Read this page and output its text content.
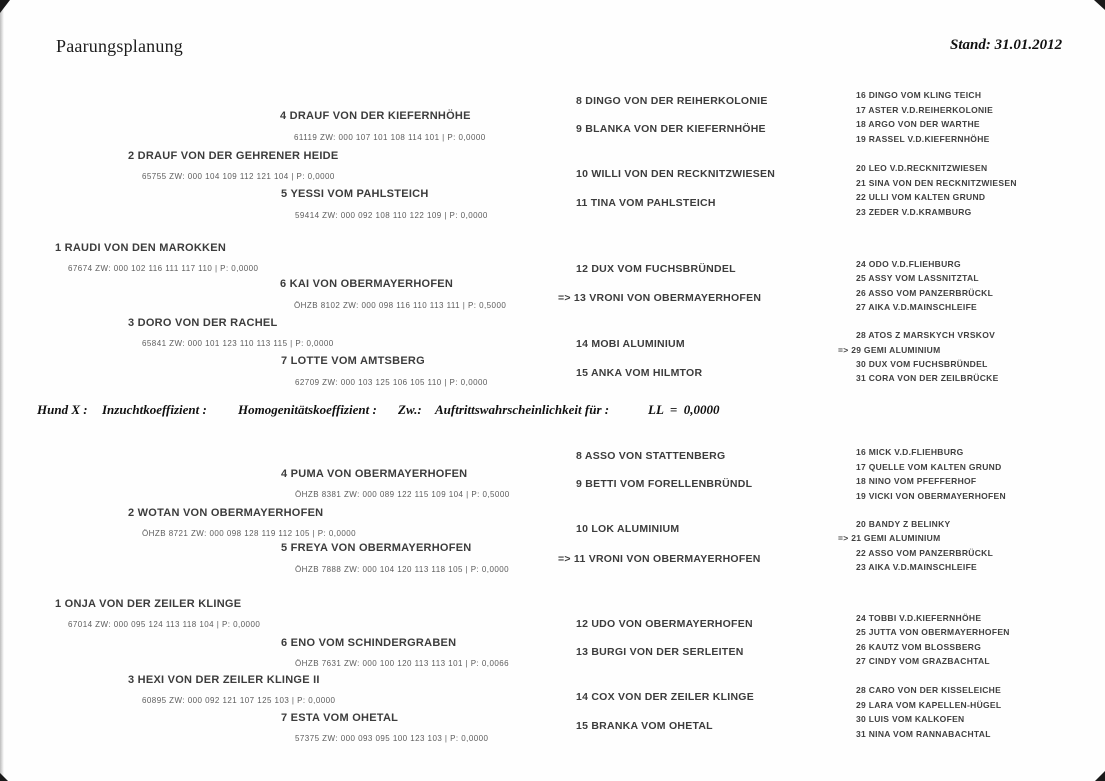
Paarungsplanung	Stand: 31.01.2012
1 RAUDI VON DEN MAROKKEN
67674 ZW: 000 102 116 111 117 110 | P: 0,0000
2 DRAUF VON DER GEHRENER HEIDE
65755 ZW: 000 104 109 112 121 104 | P: 0,0000
3 DORO VON DER RACHEL
65841 ZW: 000 101 123 110 113 115 | P: 0,0000
4 DRAUF VON DER KIEFERNHÖHE
61119 ZW: 000 107 101 108 114 101 | P: 0,0000
5 YESSI VOM PAHLSTEICH
59414 ZW: 000 092 108 110 122 109 | P: 0,0000
6 KAI VON OBERMAYERHOFEN
ÖHZB 8102 ZW: 000 098 116 110 113 111 | P: 0,5000
7 LOTTE VOM AMTSBERG
62709 ZW: 000 103 125 106 105 110 | P: 0,0000
8 DINGO VON DER REIHERKOLONIE
9 BLANKA VON DER KIEFERNHÖHE
10 WILLI VON DEN RECKNITZWIESEN
11 TINA VOM PAHLSTEICH
12 DUX VOM FUCHSBRÜNDEL
=> 13 VRONI VON OBERMAYERHOFEN
14 MOBI ALUMINIUM
15 ANKA VOM HILMTOR
16 DINGO VOM KLING TEICH
17 ASTER V.D.REIHERKOLONIE
18 ARGO VON DER WARTHE
19 RASSEL V.D.KIEFERNHÖHE
20 LEO V.D.RECKNITZWIESEN
21 SINA VON DEN RECKNITZWIESEN
22 ULLI VOM KALTEN GRUND
23 ZEDER V.D.KRAMBURG
24 ODO V.D.FLIEHBURG
25 ASSY VOM LASSNITZTAL
26 ASSO VOM PANZERBRÜCKL
27 AIKA V.D.MAINSCHLEIFE
28 ATOS Z MARSKYCH VRSKOV
=> 29 GEMI ALUMINIUM
30 DUX VOM FUCHSBRÜNDEL
31 CORA VON DER ZEILBRÜCKE
Hund X : Inzuchtkoeffizient : Homogenitätskoeffizient : Zw.: Auftrittswahrscheinlichkeit für :	LL  =  0,0000
1 ONJA VON DER ZEILER KLINGE
67014 ZW: 000 095 124 113 118 104 | P: 0,0000
2 WOTAN VON OBERMAYERHOFEN
ÖHZB 8721 ZW: 000 098 128 119 112 105 | P: 0,0000
3 HEXI VON DER ZEILER KLINGE II
60895 ZW: 000 092 121 107 125 103 | P: 0,0000
4 PUMA VON OBERMAYERHOFEN
ÖHZB 8381 ZW: 000 089 122 115 109 104 | P: 0,5000
5 FREYA VON OBERMAYERHOFEN
ÖHZB 7888 ZW: 000 104 120 113 118 105 | P: 0,0000
6 ENO VOM SCHINDERGRABEN
ÖHZB 7631 ZW: 000 100 120 113 113 101 | P: 0,0066
7 ESTA VOM OHETAL
57375 ZW: 000 093 095 100 123 103 | P: 0,0000
8 ASSO VON STATTENBERG
9 BETTI VOM FORELLENBRÜNDL
10 LOK ALUMINIUM
=> 11 VRONI VON OBERMAYERHOFEN
12 UDO VON OBERMAYERHOFEN
13 BURGI VON DER SERLEITEN
14 COX VON DER ZEILER KLINGE
15 BRANKA VOM OHETAL
16 MICK V.D.FLIEHBURG
17 QUELLE VOM KALTEN GRUND
18 NINO VOM PFEFFERHOF
19 VICKI VON OBERMAYERHOFEN
20 BANDY Z BELINKY
=> 21 GEMI ALUMINIUM
22 ASSO VOM PANZERBRÜCKL
23 AIKA V.D.MAINSCHLEIFE
24 TOBBI V.D.KIEFERNHÖHE
25 JUTTA VON OBERMAYERHOFEN
26 KAUTZ VOM BLOSSBERG
27 CINDY VOM GRAZBACHTAL
28 CARO VON DER KISSELEICHE
29 LARA VOM KAPELLEN-HÜGEL
30 LUIS VOM KALKOFEN
31 NINA VOM RANNABACHTAL
